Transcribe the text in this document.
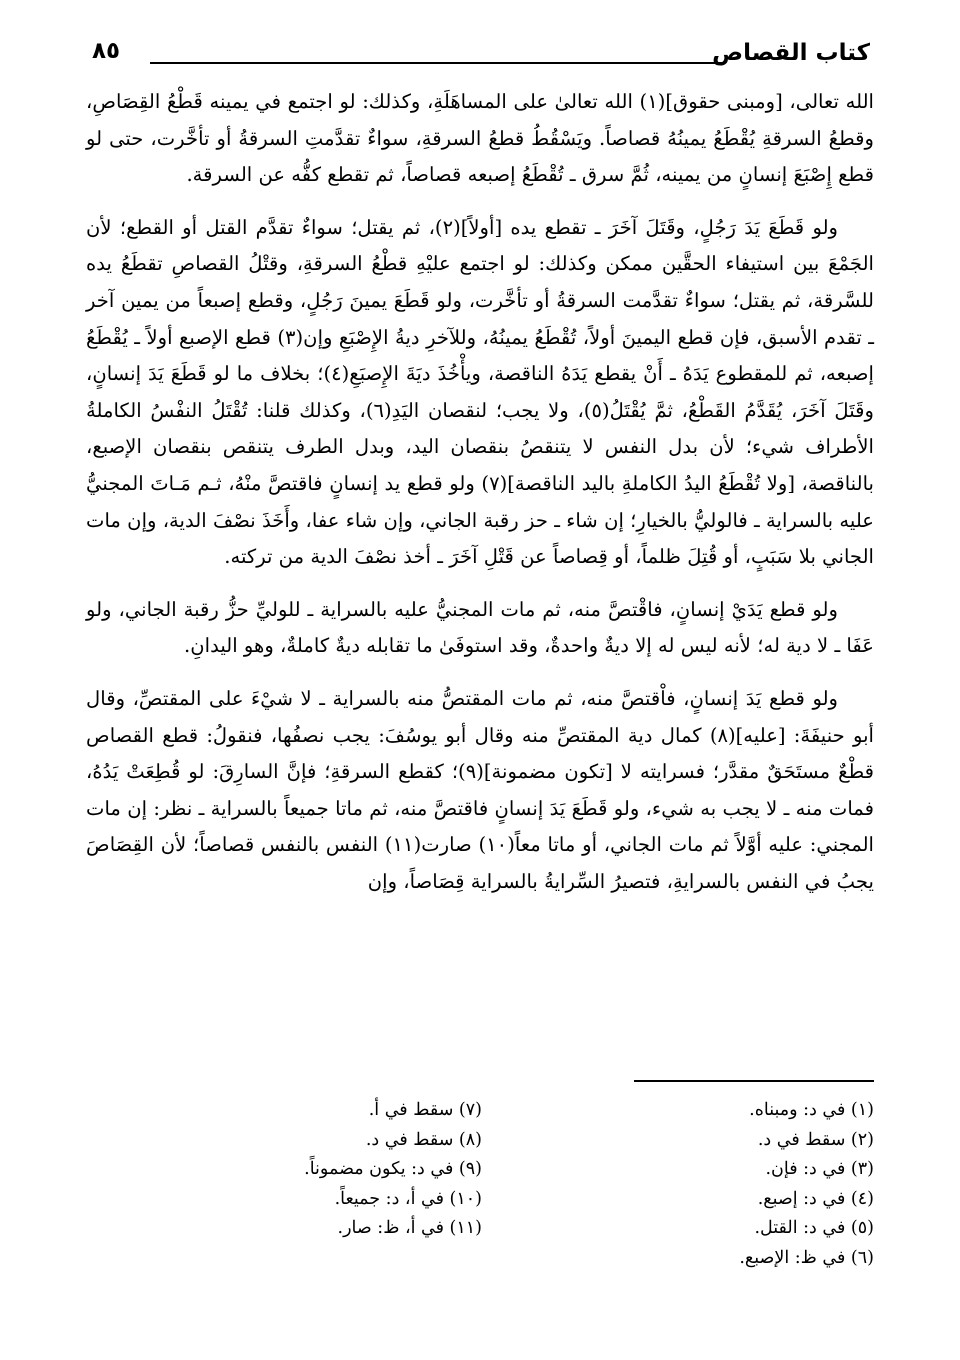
كتاب القصاص
٨٥

الله تعالى، [ومبنى حقوق](١) الله تعالىٰ على المساهَلَةِ، وكذلك: لو اجتمع في يمينه قَطْعُ القِصَاصِ، وقطعُ السرقةِ يُقْطَعُ يمينُهُ قصاصاً. ويَسْقُطُ قطعُ السرقةِ، سواءٌ تقدَّمتِ السرقةُ أو تأخَّرت، حتى لو قطع إِصْبَعَ إنسانٍ من يمينه، ثُمَّ سرق ـ تُقْطَعُ إصبعه قصاصاً، ثم تقطع كفُّه عن السرقة.

ولو قَطَعَ يَدَ رَجُلٍ، وقَتَلَ آخَرَ ـ تقطع يده [أولاً](٢)، ثم يقتل؛ سواءٌ تقدَّم القتل أو القطع؛ لأن الجَمْعَ بين استيفاء الحقَّين ممكن وكذلك: لو اجتمع عليْهِ قطْعُ السرقةِ، وقتْلُ القصاصِ تقطَعُ يده للسَّرقة، ثم يقتل؛ سواءٌ تقدَّمت السرقةُ أو تأخَّرت، ولو قَطَعَ يمينَ رَجُلٍ، وقطع إصبعاً من يمين آخر ـ تقدم الأسبق، فإن قطع اليمينَ أولاً، تُقْطَعُ يمينُهُ، وللآخرِ ديةُ الإِصْبَعِ وإن(٣) قطع الإصبع أولاً ـ يُقْطَعُ إصبعه، ثم للمقطوع يَدَهُ ـ أَنْ يقطع يَدَهُ الناقصة، ويأْخُذَ ديَةَ الإِصبَعِ(٤)؛ بخلاف ما لو قَطَعَ يَدَ إنسانٍ، وقَتَلَ آخَرَ، يُقَدَّمُ القَطْعُ، ثمَّ يُقْتَلُ(٥)، ولا يجب؛ لنقصان اليَدِ(٦)، وكذلك قلنا: تُقْتَلُ النفْسُ الكاملةُ الأطراف شيء؛ لأن بدل النفس لا يتنقصُ بنقصان اليد، وبدل الطرف يتنقص بنقصان الإصبع، بالناقصة، [ولا تُقْطَعُ اليدُ الكاملةِ باليد الناقصة](٧) ولو قطع يد إنسانٍ فاقتصَّ منْهُ، ثـم مَـاتَ المجنيُّ عليه بالسراية ـ فالوليُّ بالخيارِ؛ إن شاء ـ حز رقبة الجاني، وإن شاء عفا، وأَخَذَ نصْفَ الدية، وإن مات الجاني بلا سَبَبٍ، أو قُتِلَ ظلماً، أو قِصاصاً عن قَتْلِ آخَرَ ـ أخذ نصْفَ الدية من تركته.

ولو قطع يَدَيْ إنسانٍ، فاقْتصَّ منه، ثم مات المجنيُّ عليه بالسراية ـ للوليِّ حزُّ رقبة الجاني، ولو عَفَا ـ لا دية له؛ لأنه ليس له إلا ديةٌ واحدةٌ، وقد استوفَىٰ ما تقابله ديةٌ كاملةٌ، وهو اليدانِ.

ولو قطع يَدَ إنسانٍ، فاْقتصَّ منه، ثم مات المقتصُّ منه بالسراية ـ لا شيْءَ على المقتصِّ، وقال أبو حنيفَةَ: [عليه](٨) كمال دية المقتصِّ منه وقال أبو يوسُفَ: يجب نصفُها، فنقولُ: قطع القصاص قطْعٌ مستَحَقٌ مقدَّر؛ فسرايته لا [تكون مضمونة](٩)؛ كقطع السرقةِ؛ فإنَّ السارِقَ: لو قُطِعَتْ يَدُهُ، فمات منه ـ لا يجب به شيء، ولو قَطَعَ يَدَ إنسانٍ فاقتصَّ منه، ثم ماتا جميعاً بالسراية ـ نظر: إن مات المجني: عليه أوَّلاً ثم مات الجاني، أو ماتا معاً(١٠) صارت(١١) النفس بالنفس قصاصاً؛ لأن القِصَاصَ يجبُ في النفس بالسرايةِ، فتصيرُ السِّرايةُ بالسراية قِصَاصاً، وإن

(١) في د: ومبناه.
(٢) سقط في د.
(٣) في د: فإن.
(٤) في د: إصبع.
(٥) في د: القتل.
(٦) في ظ: الإصبع.
(٧) سقط في أ.
(٨) سقط في د.
(٩) في د: يكون مضموناً.
(١٠) في أ، د: جميعاً.
(١١) في أ، ظ: صار.
